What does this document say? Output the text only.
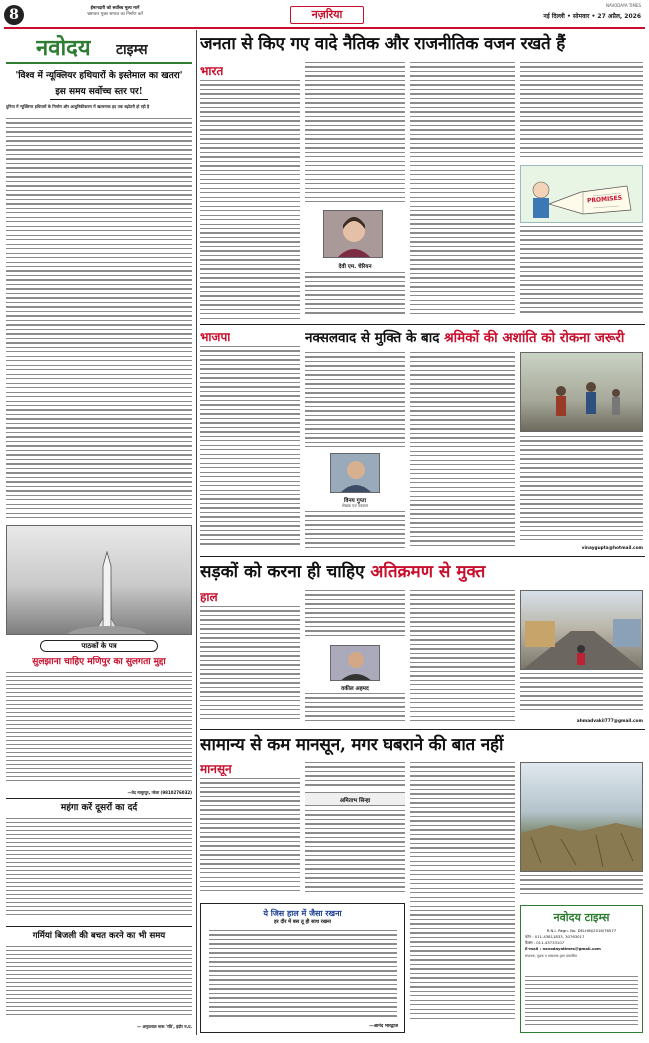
8	ईमानदारी को सर्वोच्च मूल्य मानें
भ्रष्टाचार मुक्त समाज का निर्माण करें	नज़रिया
NAVODAYA TIMES
नई दिल्ली • सोमवार • 27 अप्रैल, 2026
नवोदय टाइम्स
'विश्व में न्यूक्लियर हथियारों के इस्तेमाल का खतरा'
इस समय सर्वोच्च स्तर पर!
दुनिया में न्यूक्लियर हथियारों के निर्माण और आधुनिकीकरण में खतरनाक हद तक बढ़ोतरी हो रही है
पाठकों के पत्र
सुलझाना चाहिए मणिपुर का सुलगता मुद्दा
—वेद मामूरपुर, नरेला (9810276032)
महंगा करें दूसरों का दर्द
गर्मियां बिजली की बचत करने का भी समय
— अमृतलाल मारू 'रवि', इंदौर म.प्र.
जनता से किए गए वादे नैतिक और राजनीतिक वजन रखते हैं
भारत
देवी एम. चेरियन
PROMISES
भाजपा	नक्सलवाद से मुक्ति के बाद श्रमिकों की अशांति को रोकना जरूरी
विनय गुप्ता
लेखक एवं पत्रकार
vinaygupta@hotmail.com
सड़कों को करना ही चाहिए अतिक्रमण से मुक्त
हाल
वकील अहमद
ahmadvakil777@gmail.com
सामान्य से कम मानसून, मगर घबराने की बात नहीं
मानसून
अमिताभ सिन्हा
ये जिस हाल में जैसा रखना
हर दौर में बस तू ही साथ रखना
—आनंद भारद्वाज
नवोदय टाइम्स
R.N.I. Regn. No. DELHIN/2018/76577
फोन : 011-43811833, 30763017
फैक्स : 011-43733107
E-mail : navodayatimes@gmail.com
संपादक, मुद्रक व प्रकाशक द्वारा प्रकाशित
